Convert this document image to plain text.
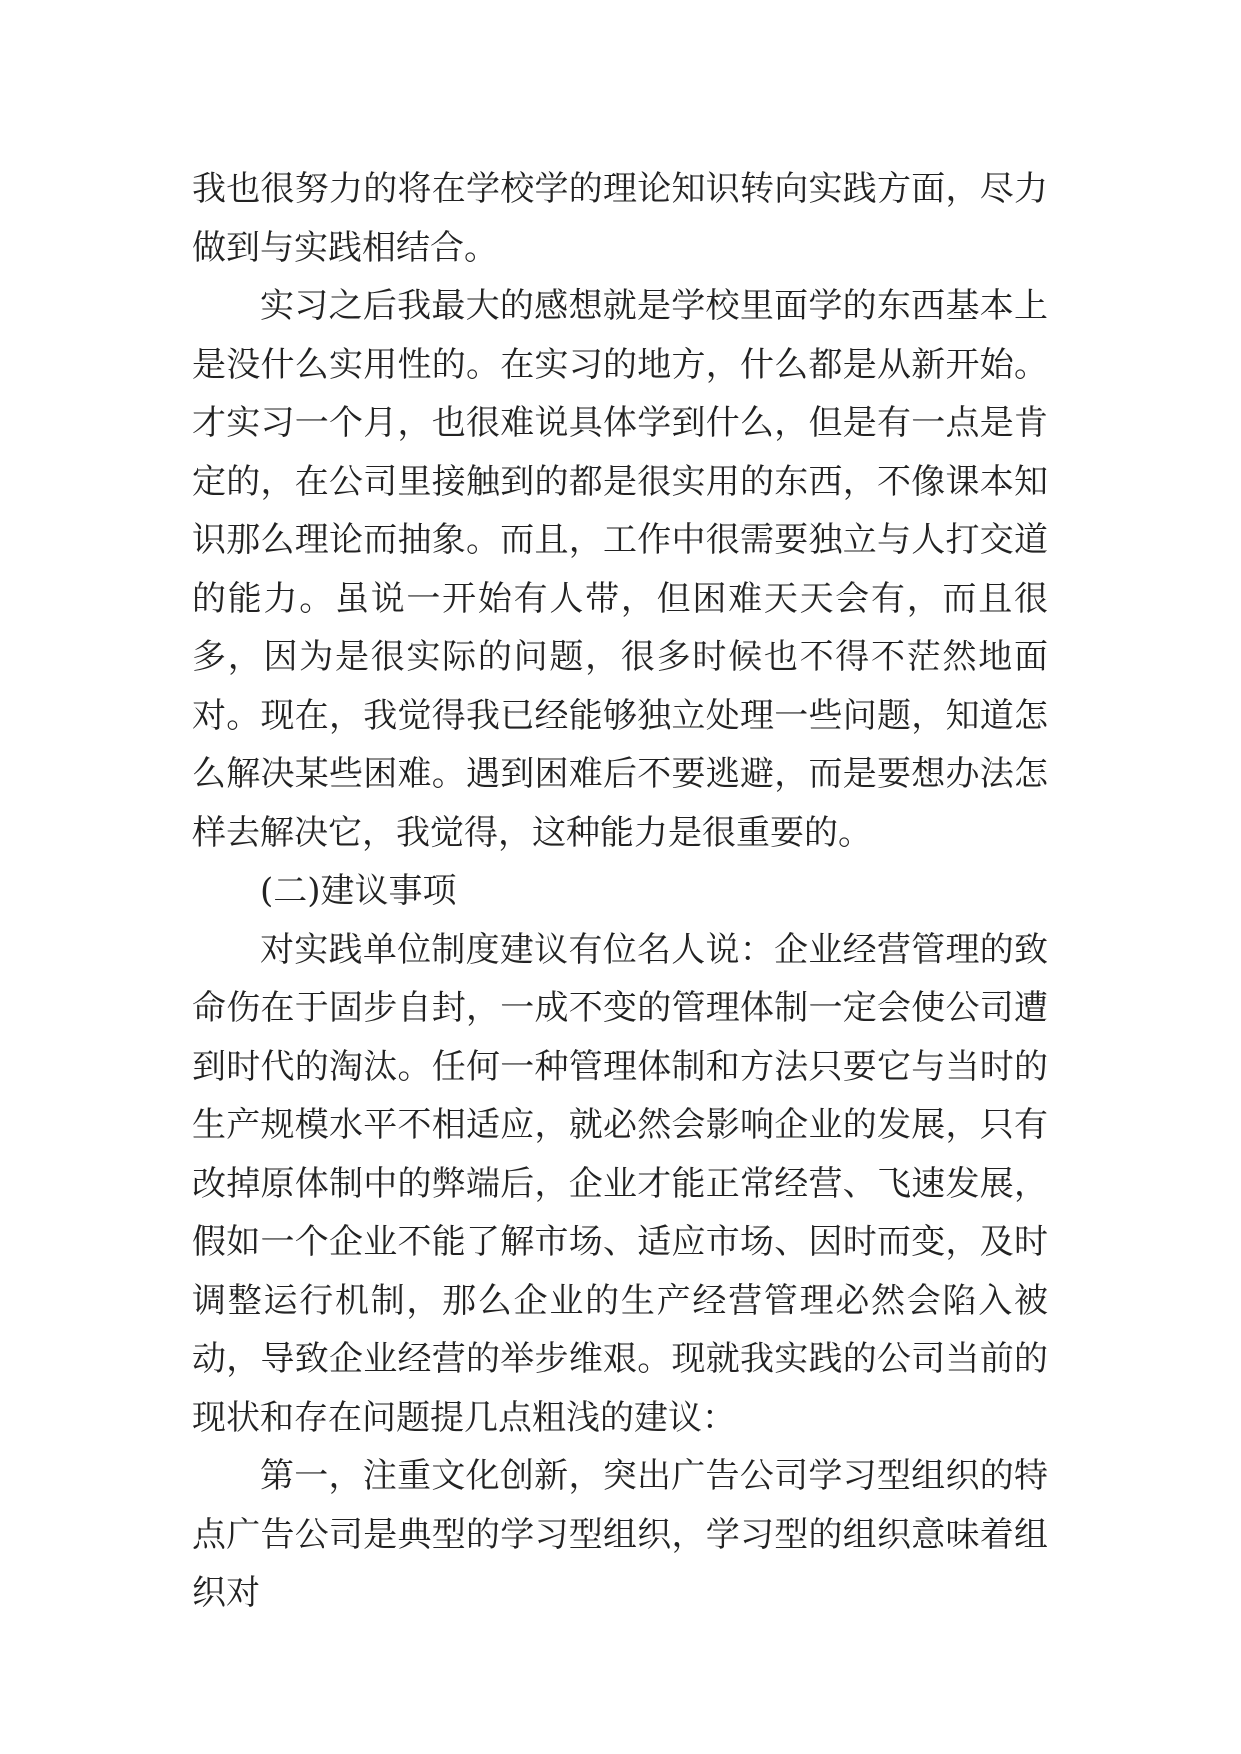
我也很努力的将在学校学的理论知识转向实践方面，尽力做到与实践相结合。

实习之后我最大的感想就是学校里面学的东西基本上是没什么实用性的。在实习的地方，什么都是从新开始。才实习一个月，也很难说具体学到什么，但是有一点是肯定的，在公司里接触到的都是很实用的东西，不像课本知识那么理论而抽象。而且，工作中很需要独立与人打交道的能力。虽说一开始有人带，但困难天天会有，而且很多，因为是很实际的问题，很多时候也不得不茫然地面对。现在，我觉得我已经能够独立处理一些问题，知道怎么解决某些困难。遇到困难后不要逃避，而是要想办法怎样去解决它，我觉得，这种能力是很重要的。

(二)建议事项

对实践单位制度建议有位名人说：企业经营管理的致命伤在于固步自封，一成不变的管理体制一定会使公司遭到时代的淘汰。任何一种管理体制和方法只要它与当时的生产规模水平不相适应，就必然会影响企业的发展，只有改掉原体制中的弊端后，企业才能正常经营、飞速发展，假如一个企业不能了解市场、适应市场、因时而变，及时调整运行机制，那么企业的生产经营管理必然会陷入被动，导致企业经营的举步维艰。现就我实践的公司当前的现状和存在问题提几点粗浅的建议：

第一，注重文化创新，突出广告公司学习型组织的特点广告公司是典型的学习型组织，学习型的组织意味着组织对
